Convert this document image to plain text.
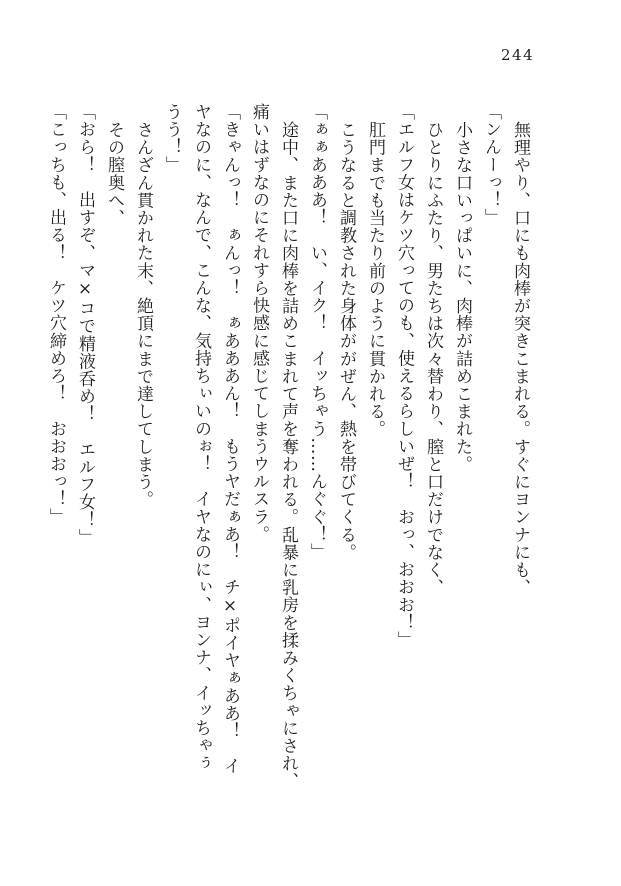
244

無理やり、口にも肉棒が突きこまれる。すぐにヨンナにも、

「ンんーっ！」

小さな口いっぱいに、肉棒が詰めこまれた。

ひとりにふたり、男たちは次々替わり、膣と口だけでなく、

「エルフ女はケツ穴ってのも、使えるらしいぜ！　おっ、おおお！」

肛門までも当たり前のように貫かれる。

こうなると調教された身体ががぜん、熱を帯びてくる。

「ぁぁあああ！　い、イク！　イッちゃう……んぐぐ！」

途中、また口に肉棒を詰めこまれて声を奪われる。乱暴に乳房を揉みくちゃにされ、

痛いはずなのにそれすら快感に感じてしまうウルスラ。

「きゃんっ！　ぁんっ！　ぁあああん！　もうヤだぁあ！　チ×ポイヤぁああ！　イ

ヤなのに、なんで、こんな、気持ちぃいのぉ！　イヤなのにぃ、ヨンナ、イッちゃぅ

うう！」

さんざん貫かれた末、絶頂にまで達してしまう。

その膣奥へ、

「おら！　出すぞ、マ×コで精液呑め！　エルフ女！」

「こっちも、出る！　ケツ穴締めろ！　おおおっ！」
